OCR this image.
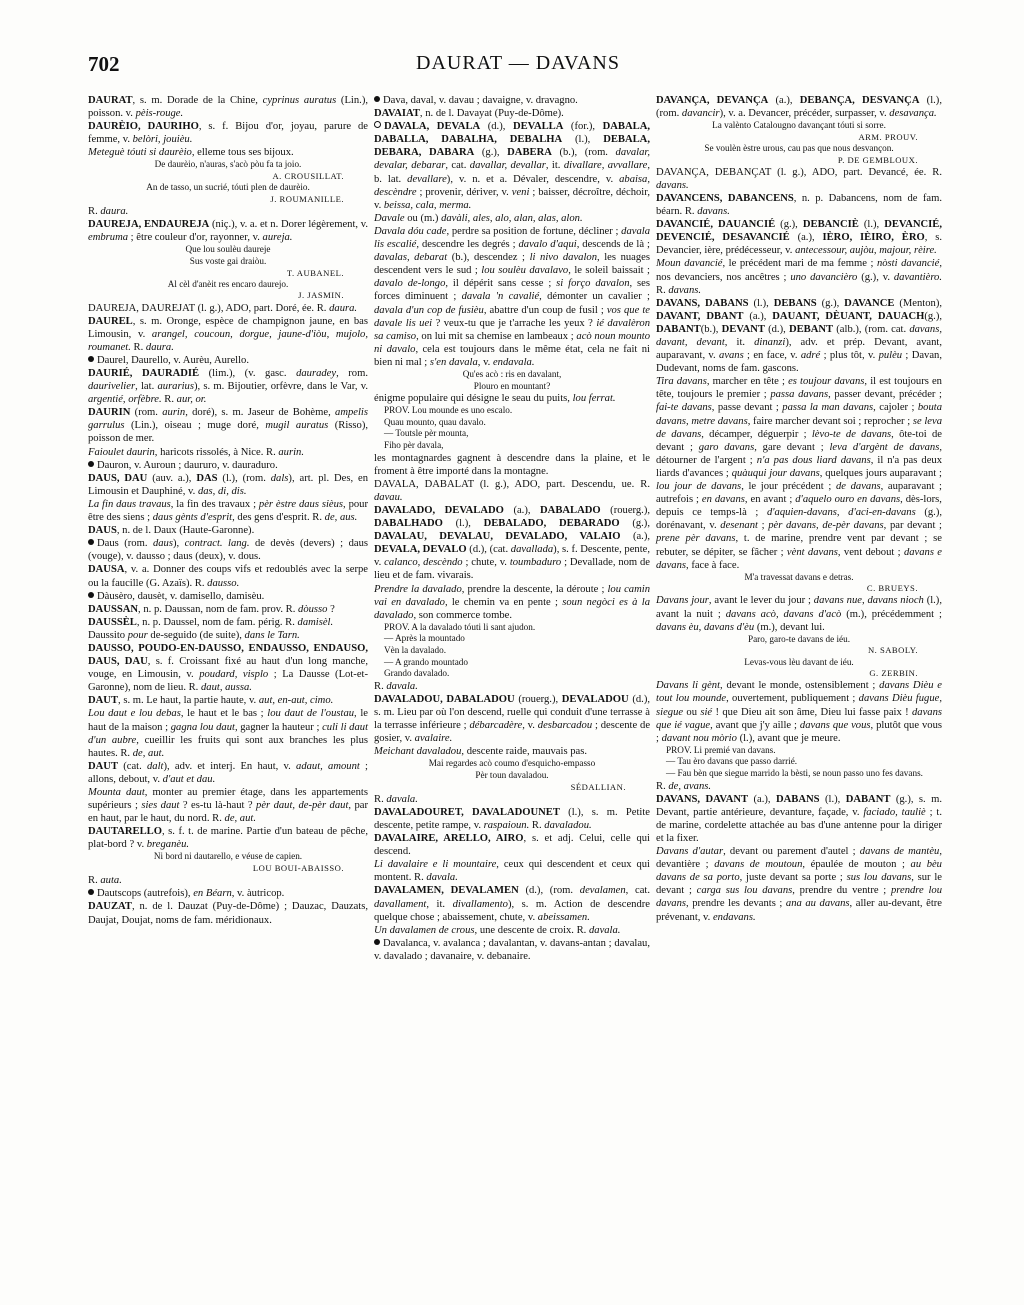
702	DAURAT — DAVANS
DAURAT, s. m. Dorade de la Chine, cyprinus auratus (Lin.), poisson. v. pèis-rouge.
DAURÈIO, DAURIHO, s. f. Bijou d'or, joyau, parure de femme, v. belòri, jouièu.
Meteguè tóuti si daurèio, elleme tous ses bijoux.
De daurèio, n'auras, s'acò pòu fa ta joio.
A. CROUSILLAT.
An de tasso, un sucrié, tóuti plen de daurèio.
J. ROUMANILLE.
R. daura.
DAUREJA, ENDAUREJA (niç.), v. a. et n. Dorer légèrement, v. embruma ; être couleur d'or, rayonner, v. aureja.
Que lou soulèu daureje
Sus voste gai draiòu.
T. AUBANEL.
Al cèl d'anèit res encaro daurejo.
J. JASMIN.
DAUREJA, DAUREJAT (l. g.), ADO, part. Doré, ée. R. daura.
DAUREL, s. m. Oronge, espèce de champignon jaune, en bas Limousin, v. arangel, coucoun, dorgue, jaune-d'iòu, mujolo, roumanet. R. daura.
Daurel, Daurello, v. Aurèu, Aurello.
DAURIÉ, DAURADIÉ (lim.), (v. gasc. dauradey, rom. daurivelier, lat. aurarius), s. m. Bijoutier, orfèvre, dans le Var, v. argentié, orfèbre. R. aur, or.
DAURIN (rom. aurin, doré), s. m. Jaseur de Bohème, ampelis garrulus (Lin.), oiseau ; muge doré, mugil auratus (Risso), poisson de mer.
Faioulet daurin, haricots rissolés, à Nice. R. aurin.
Dauron, v. Auroun ; daururo, v. dauraduro.
DAUS, DAU (auv. a.), DAS (l.), (rom. dals), art. pl. Des, en Limousin et Dauphiné, v. das, di, dis.
La fin daus travaus, la fin des travaux ; pèr èstre daus sièus, pour être des siens ; daus gènts d'esprit, des gens d'esprit. R. de, aus.
DAUS, n. de l. Daux (Haute-Garonne).
Daus (rom. daus), contract. lang. de devès (devers) ; daus (vouge), v. dausso ; daus (deux), v. dous.
DAUSA, v. a. Donner des coups vifs et redoublés avec la serpe ou la faucille (G. Azaïs). R. dausso.
Dàusèro, dausèt, v. damisello, damisèu.
DAUSSAN, n. p. Daussan, nom de fam. prov. R. dòusso ?
DAUSSÈL, n. p. Daussel, nom de fam. périg. R. damisèl.
Daussito pour de-seguido (de suite), dans le Tarn.
DAUSSO, POUDO-EN-DAUSSO, ENDAUSSO, ENDAUSO, DAUS, DAU, s. f. Croissant fixé au haut d'un long manche, vouge, en Limousin, v. poudard, visplo ; La Dausse (Lot-et-Garonne), nom de lieu. R. daut, aussa.
DAUT, s. m. Le haut, la partie haute, v. aut, en-aut, cimo.
Lou daut e lou debas, le haut et le bas ; lou daut de l'oustau, le haut de la maison ; gagna lou daut, gagner la hauteur ; culi li daut d'un aubre, cueillir les fruits qui sont aux branches les plus hautes. R. de, aut.
DAUT (cat. dalt), adv. et interj. En haut, v. adaut, amount ; allons, debout, v. d'aut et dau.
Mounta daut, monter au premier étage, dans les appartements supérieurs ; sies daut ? es-tu là-haut ? pèr daut, de-pèr daut, par en haut, par le haut, du nord. R. de, aut.
DAUTARELLO, s. f. t. de marine. Partie d'un bateau de pêche, plat-bord ? v. breganèu.
Ni bord ni dautarello, e véuse de capien.
LOU BOUI-ABAISSO.
R. auta.
Dautscops (autrefois), en Béarn, v. àutricop.
DAUZAT, n. de l. Dauzat (Puy-de-Dôme) ; Dauzac, Dauzats, Daujat, Doujat, noms de fam. méridionaux.
Dava, daval, v. davau ; davaigne, v. dravagno.
DAVAIAT, n. de l. Davayat (Puy-de-Dôme).
DAVALA, DEVALA (d.), DEVALLA (for.), DABALA, DABALLA, DABALHA, DEBALHA (l.), DEBALA, DEBARA, DABARA (g.), DABERA (b.), (rom. davalar, devalar, debarar, cat. davallar, devallar, it. divallare, avvallare, b. lat. devallare), v. n. et a. Dévaler, descendre, v. abaisa, descèndre ; provenir, dériver, v. veni ; baisser, décroître, déchoir, v. beissa, cala, merma.
Davale ou (m.) davàli, ales, alo, alan, alas, alon.
Davala dóu cade, perdre sa position de fortune, décliner ; davala lis escalié, descendre les degrés ; davalo d'aqui, descends de là ; davalas, debarat (b.), descendez ; li nivo davalon, les nuages descendent vers le sud ; lou soulèu davalavo, le soleil baissait ; davalo de-longo, il dépérit sans cesse ; si forço davalon, ses forces diminuent ; davala 'n cavalié, démonter un cavalier ; davala d'un cop de fusièu, abattre d'un coup de fusil ; vos que te davale lis uei ? veux-tu que je t'arrache les yeux ? ié davalèron sa camiso, on lui mit sa chemise en lambeaux ; acò noun mounto ni davalo, cela est toujours dans le même état, cela ne fait ni bien ni mal ; s'en davala, v. endavala.
Qu'es acò : ris en davalant,
Plouro en mountant?
énigme populaire qui désigne le seau du puits, lou ferrat.
PROV. Lou mounde es uno escalo.
Quau mounto, quau davalo.
— Toutsle pèr mounta,
Fiho pèr davala,
les montagnardes gagnent à descendre dans la plaine, et le froment à être importé dans la montagne.
DAVALA, DABALAT (l. g.), ADO, part. Descendu, ue. R. davau.
DAVALADO, DEVALADO (a.), DABALADO (rouerg.), DABALHADO (l.), DEBALADO, DEBARADO (g.), DAVALAU, DEVALAU, DEVALADO, VALAIO (a.), DEVALA, DEVALO (d.), (cat. davallada), s. f. Descente, pente, v. calanco, descèndo ; chute, v. toumbaduro ; Devallade, nom de lieu et de fam. vivarais.
Prendre la davalado, prendre la descente, la déroute ; lou camin vai en davalado, le chemin va en pente ; soun negòci es à la davalado, son commerce tombe.
PROV. A la davalado tóuti li sant ajudon.
— Après la mountado
Vèn la davalado.
— A grando mountado
Grando davalado.
R. davala.
DAVALADOU, DABALADOU (rouerg.), DEVALADOU (d.), s. m. Lieu par où l'on descend, ruelle qui conduit d'une terrasse à la terrasse inférieure ; débarcadère, v. desbarcadou ; descente de gosier, v. avalaire.
Meichant davaladou, descente raide, mauvais pas.
Mai regardes acò coumo d'esquicho-empasso
Pèr toun davaladou.
SÉDALLIAN.
R. davala.
DAVALADOURET, DAVALADOUNET (l.), s. m. Petite descente, petite rampe, v. raspaioun. R. davaladou.
DAVALAIRE, ARELLO, AIRO, s. et adj. Celui, celle qui descend.
Li davalaire e li mountaire, ceux qui descendent et ceux qui montent. R. davala.
DAVALAMEN, DEVALAMEN (d.), (rom. devalamen, cat. davallament, it. divallamento), s. m. Action de descendre quelque chose ; abaissement, chute, v. abeissamen.
Un davalamen de crous, une descente de croix. R. davala.
Davalanca, v. avalanca ; davalantan, v. davans-antan ; davalau, v. davalado ; davanaire, v. debanaire.
DAVANÇA, DEVANÇA (a.), DEBANÇA, DESVANÇA (l.), (rom. davancir), v. a. Devancer, précéder, surpasser, v. desavança.
La valènto Catalougno davançant tóuti si sorre.
ARM. PROUV.
Se voulèn èstre urous, cau pas que nous desvançon.
P. DE GEMBLOUX.
DAVANÇA, DEBANÇAT (l. g.), ADO, part. Devancé, ée. R. davans.
DAVANCENS, DABANCENS, n. p. Dabancens, nom de fam. béarn. R. davans.
DAVANCIÉ, DAUANCIÉ (g.), DEBANCIÈ (l.), DEVANCIÉ, DEVENCIÉ, DESAVANCIÉ (a.), IÈRO, IÈIRO, ÈRO, s. Devancier, ière, prédécesseur, v. antecessour, aujòu, majour, rèire.
Moun davancié, le précédent mari de ma femme ; nòsti davancié, nos devanciers, nos ancêtres ; uno davancièro (g.), v. davantièro. R. davans.
DAVANS, DABANS (l.), DEBANS (g.), DAVANCE (Menton), DAVANT, DBANT (a.), DAUANT, DÈUANT, DAUACH(g.), DABANT(b.), DEVANT (d.), DEBANT (alb.), (rom. cat. davans, davant, devant, it. dinanzi), adv. et prép. Devant, avant, auparavant, v. avans ; en face, v. adré ; plus tôt, v. pulèu ; Davan, Dudevant, noms de fam. gascons.
Tira davans, marcher en tête ; es toujour davans, il est toujours en tête, toujours le premier ; passa davans, passer devant, précéder ; fai-te davans, passe devant ; passa la man davans, cajoler ; bouta davans, metre davans, faire marcher devant soi ; reprocher ; se leva de davans, décamper, déguerpir ; lèvo-te de davans, ôte-toi de devant ; garo davans, gare devant ; leva d'argènt de davans, détourner de l'argent ; n'a pas dous liard davans, il n'a pas deux liards d'avances ; quàuqui jour davans, quelques jours auparavant ; lou jour de davans, le jour précédent ; de davans, auparavant ; autrefois ; en davans, en avant ; d'aquelo ouro en davans, dès-lors, depuis ce temps-là ; d'aquien-davans, d'aci-en-davans (g.), dorénavant, v. desenant ; pèr davans, de-pèr davans, par devant ; prene pèr davans, t. de marine, prendre vent par devant ; se rebuter, se dépiter, se fâcher ; vènt davans, vent debout ; davans e davans, face à face.
M'a travessat davans e detras.
C. BRUEYS.
Davans jour, avant le lever du jour ; davans nue, davans nioch (l.), avant la nuit ; davans acò, davans d'acò (m.), précédemment ; davans èu, davans d'èu (m.), devant lui.
Paro, garo-te davans de iéu.
N. SABOLY.
Levas-vous lèu davant de iéu.
G. ZERBIN.
Davans li gènt, devant le monde, ostensiblement ; davans Dièu e tout lou mounde, ouvertement, publiquement ; davans Dièu fugue, siegue ou sié ! que Dieu ait son âme, Dieu lui fasse paix ! davans que ié vague, avant que j'y aille ; davans que vous, plutôt que vous ; davant nou mòrio (l.), avant que je meure.
PROV. Li premié van davans.
— Tau èro davans que passo darrié.
— Fau bèn que siegue marrido la bèsti, se noun passo uno fes davans.
R. de, avans.
DAVANS, DAVANT (a.), DABANS (l.), DABANT (g.), s. m. Devant, partie antérieure, devanture, façade, v. faciado, tauliè ; t. de marine, cordelette attachée au bas d'une antenne pour la diriger et la fixer.
Davans d'autar, devant ou parement d'autel ; davans de mantèu, devantière ; davans de moutoun, épaulée de mouton ; au bèu davans de sa porto, juste devant sa porte ; sus lou davans, sur le devant ; carga sus lou davans, prendre du ventre ; prendre lou davans, prendre les devants ; ana au davans, aller au-devant, être prévenant, v. endavans.
